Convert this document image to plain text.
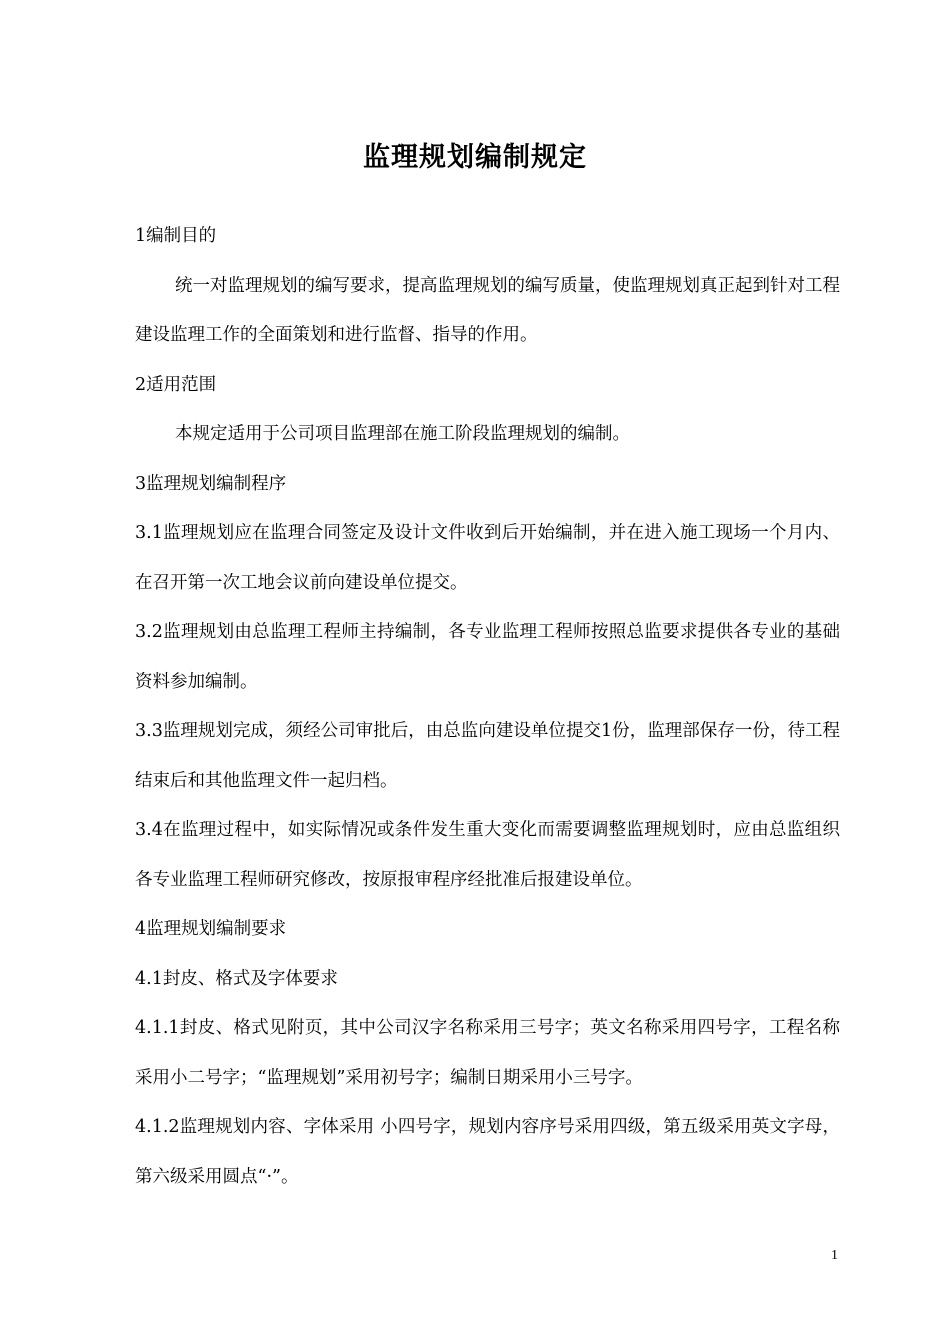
监理规划编制规定

1编制目的

统一对监理规划的编写要求，提高监理规划的编写质量，使监理规划真正起到针对工程建设监理工作的全面策划和进行监督、指导的作用。

2适用范围

本规定适用于公司项目监理部在施工阶段监理规划的编制。

3监理规划编制程序

3.1监理规划应在监理合同签定及设计文件收到后开始编制，并在进入施工现场一个月内、在召开第一次工地会议前向建设单位提交。

3.2监理规划由总监理工程师主持编制，各专业监理工程师按照总监要求提供各专业的基础资料参加编制。

3.3监理规划完成，须经公司审批后，由总监向建设单位提交1份，监理部保存一份，待工程结束后和其他监理文件一起归档。

3.4在监理过程中，如实际情况或条件发生重大变化而需要调整监理规划时，应由总监组织各专业监理工程师研究修改，按原报审程序经批准后报建设单位。

4监理规划编制要求

4.1封皮、格式及字体要求

4.1.1封皮、格式见附页，其中公司汉字名称采用三号字；英文名称采用四号字，工程名称采用小二号字；“监理规划”采用初号字；编制日期采用小三号字。

4.1.2监理规划内容、字体采用 小四号字，规划内容序号采用四级，第五级采用英文字母，第六级采用圆点“·”。

1
